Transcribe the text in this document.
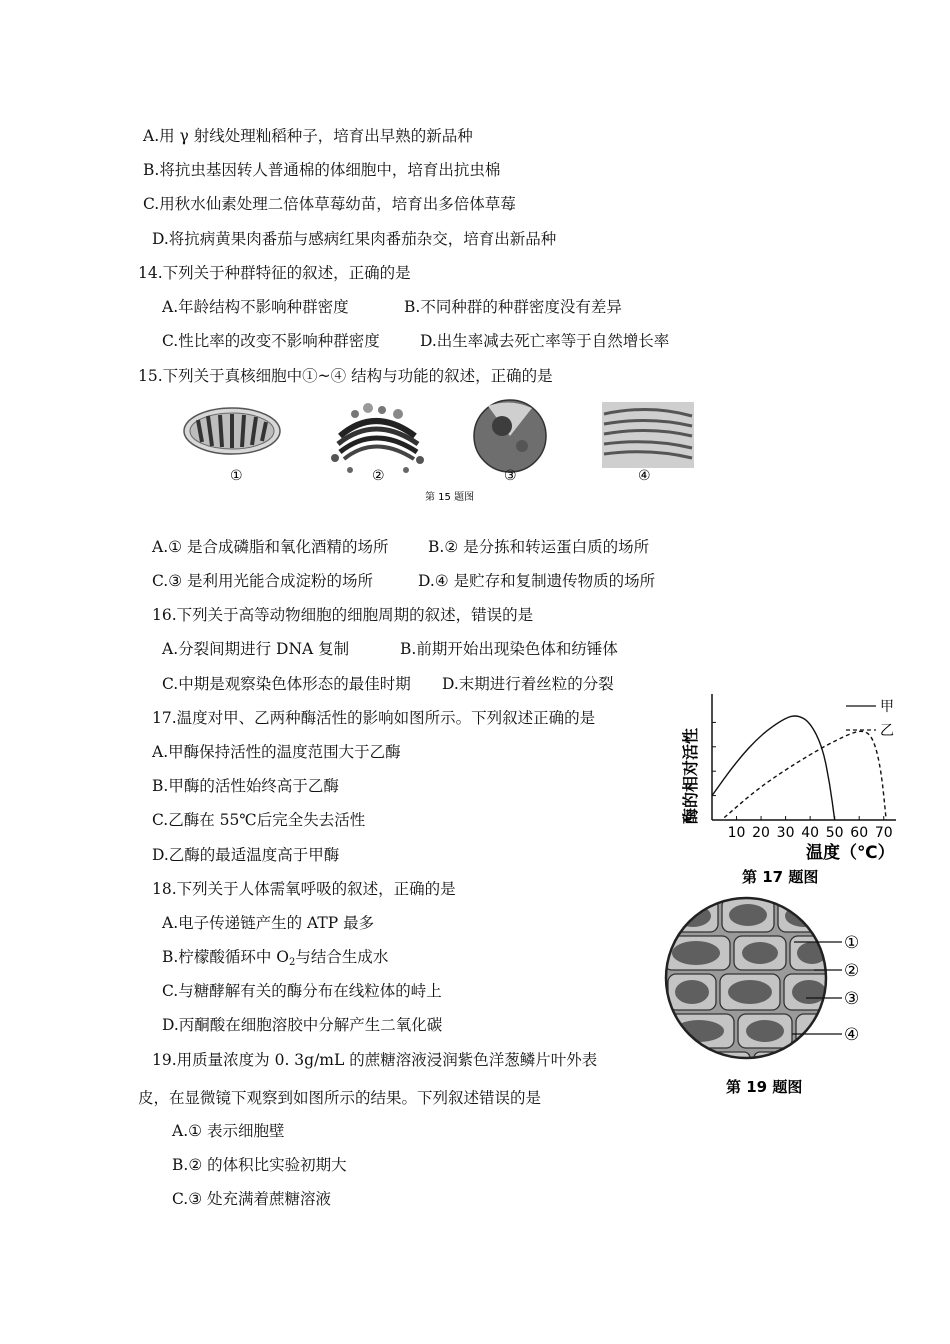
A.用 γ 射线处理籼稻种子，培育出早熟的新品种
B.将抗虫基因转人普通棉的体细胞中，培育出抗虫棉
C.用秋水仙素处理二倍体草莓幼苗，培育出多倍体草莓
D.将抗病黄果肉番茄与感病红果肉番茄杂交，培育出新品种
14.下列关于种群特征的叙述，正确的是
A.年龄结构不影响种群密度	B.不同种群的种群密度没有差异
C.性比率的改变不影响种群密度	D.出生率减去死亡率等于自然增长率
15.下列关于真核细胞中①~④ 结构与功能的叙述，正确的是
①	②	③	④
第 15 题图
A.① 是合成磷脂和氧化酒精的场所	B.② 是分拣和转运蛋白质的场所
C.③ 是利用光能合成淀粉的场所	D.④ 是贮存和复制遗传物质的场所
16.下列关于高等动物细胞的细胞周期的叙述，错误的是
A.分裂间期进行 DNA 复制	B.前期开始出现染色体和纺锤体
C.中期是观察染色体形态的最佳时期 D.末期进行着丝粒的分裂
17.温度对甲、乙两种酶活性的影响如图所示。下列叙述正确的是
A.甲酶保持活性的温度范围大于乙酶
B.甲酶的活性始终高于乙酶
C.乙酶在 55℃后完全失去活性
D.乙酶的最适温度高于甲酶
10 20 30 40 50 60 70
酶的相对活性
温度（℃）
甲
乙
第 17 题图
18.下列关于人体需氧呼吸的叙述，正确的是
A.电子传递链产生的 ATP 最多
B.柠檬酸循环中 $O_2$与结合生成水
C.与糖酵解有关的酶分布在线粒体的峙上
D.丙酮酸在细胞溶胶中分解产生二氧化碳
①
②
③
④
第 19 题图
19.用质量浓度为 0. 3g/mL 的蔗糖溶液浸润紫色洋葱鳞片叶外表
皮，在显微镜下观察到如图所示的结果。下列叙述错误的是
A.① 表示细胞壁
B.② 的体积比实验初期大
C.③ 处充满着蔗糖溶液
